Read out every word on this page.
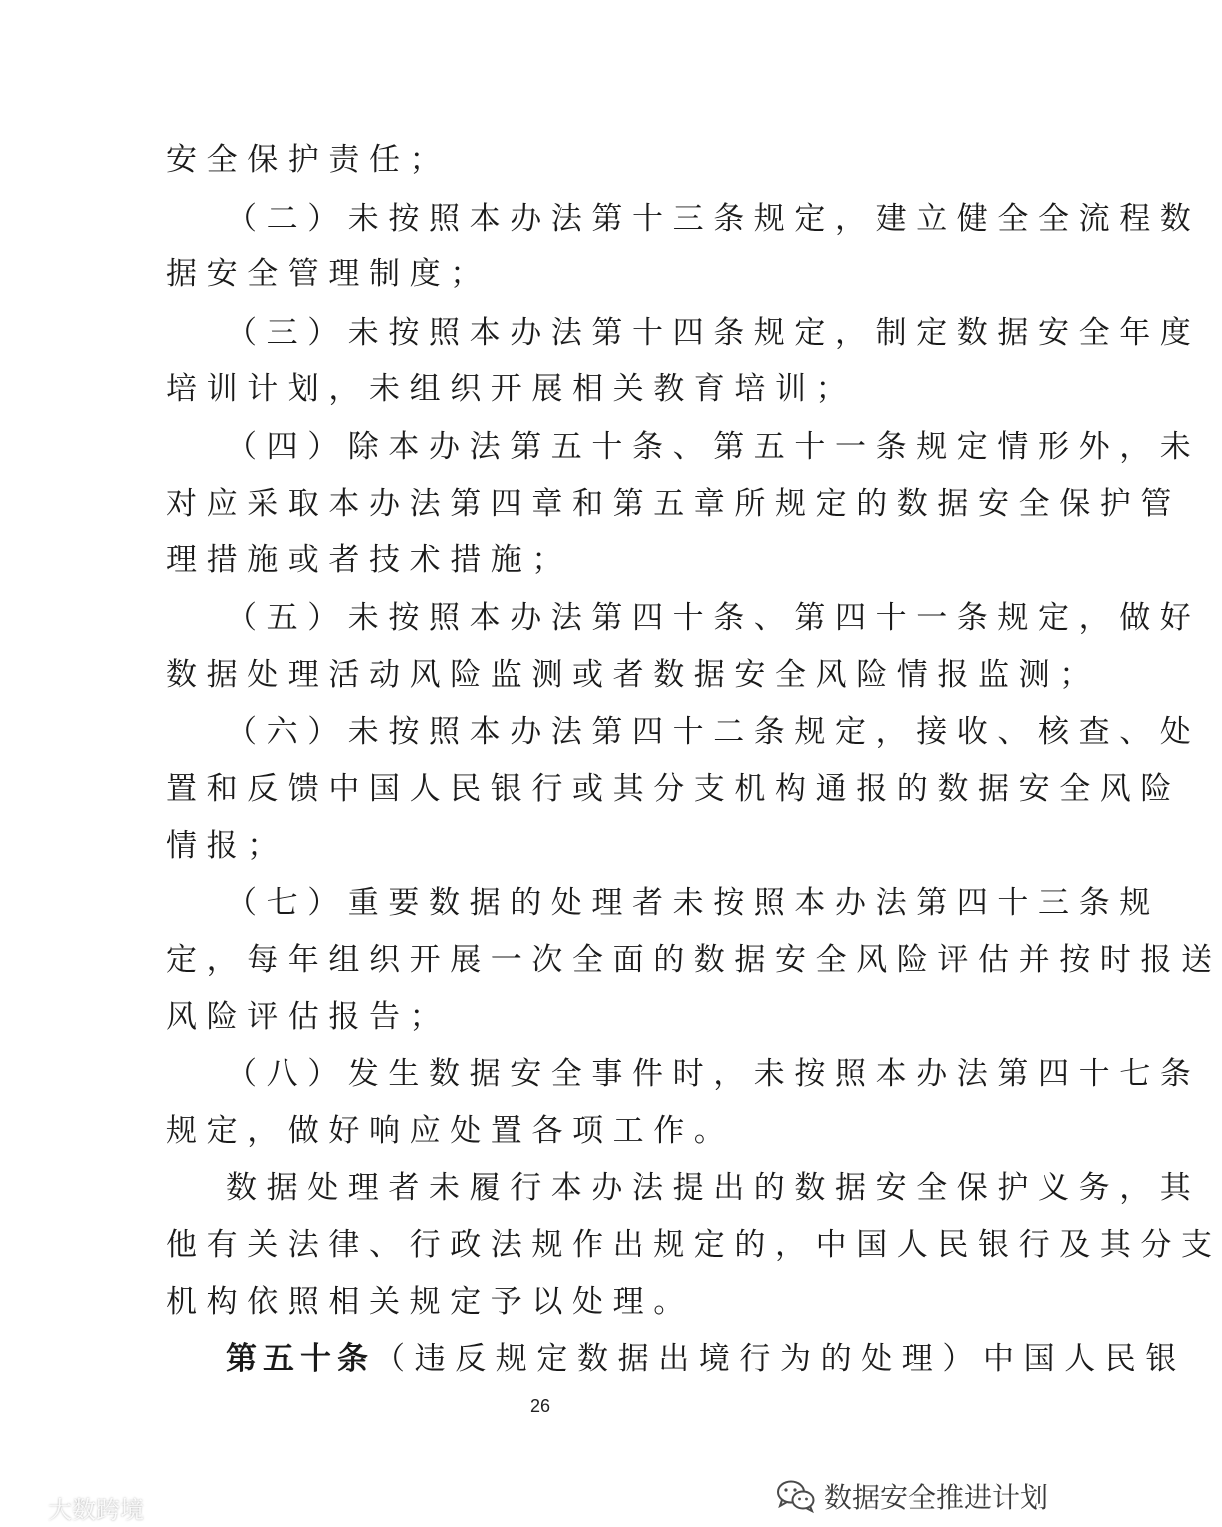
安全保护责任；
（二）未按照本办法第十三条规定，建立健全全流程数
据安全管理制度；
（三）未按照本办法第十四条规定，制定数据安全年度
培训计划，未组织开展相关教育培训；
（四）除本办法第五十条、第五十一条规定情形外，未
对应采取本办法第四章和第五章所规定的数据安全保护管
理措施或者技术措施；
（五）未按照本办法第四十条、第四十一条规定，做好
数据处理活动风险监测或者数据安全风险情报监测；
（六）未按照本办法第四十二条规定，接收、核查、处
置和反馈中国人民银行或其分支机构通报的数据安全风险
情报；
（七）重要数据的处理者未按照本办法第四十三条规
定，每年组织开展一次全面的数据安全风险评估并按时报送
风险评估报告；
（八）发生数据安全事件时，未按照本办法第四十七条
规定，做好响应处置各项工作。
数据处理者未履行本办法提出的数据安全保护义务，其
他有关法律、行政法规作出规定的，中国人民银行及其分支
机构依照相关规定予以处理。
第五十条（违反规定数据出境行为的处理）中国人民银
26
大数跨境	数据安全推进计划
